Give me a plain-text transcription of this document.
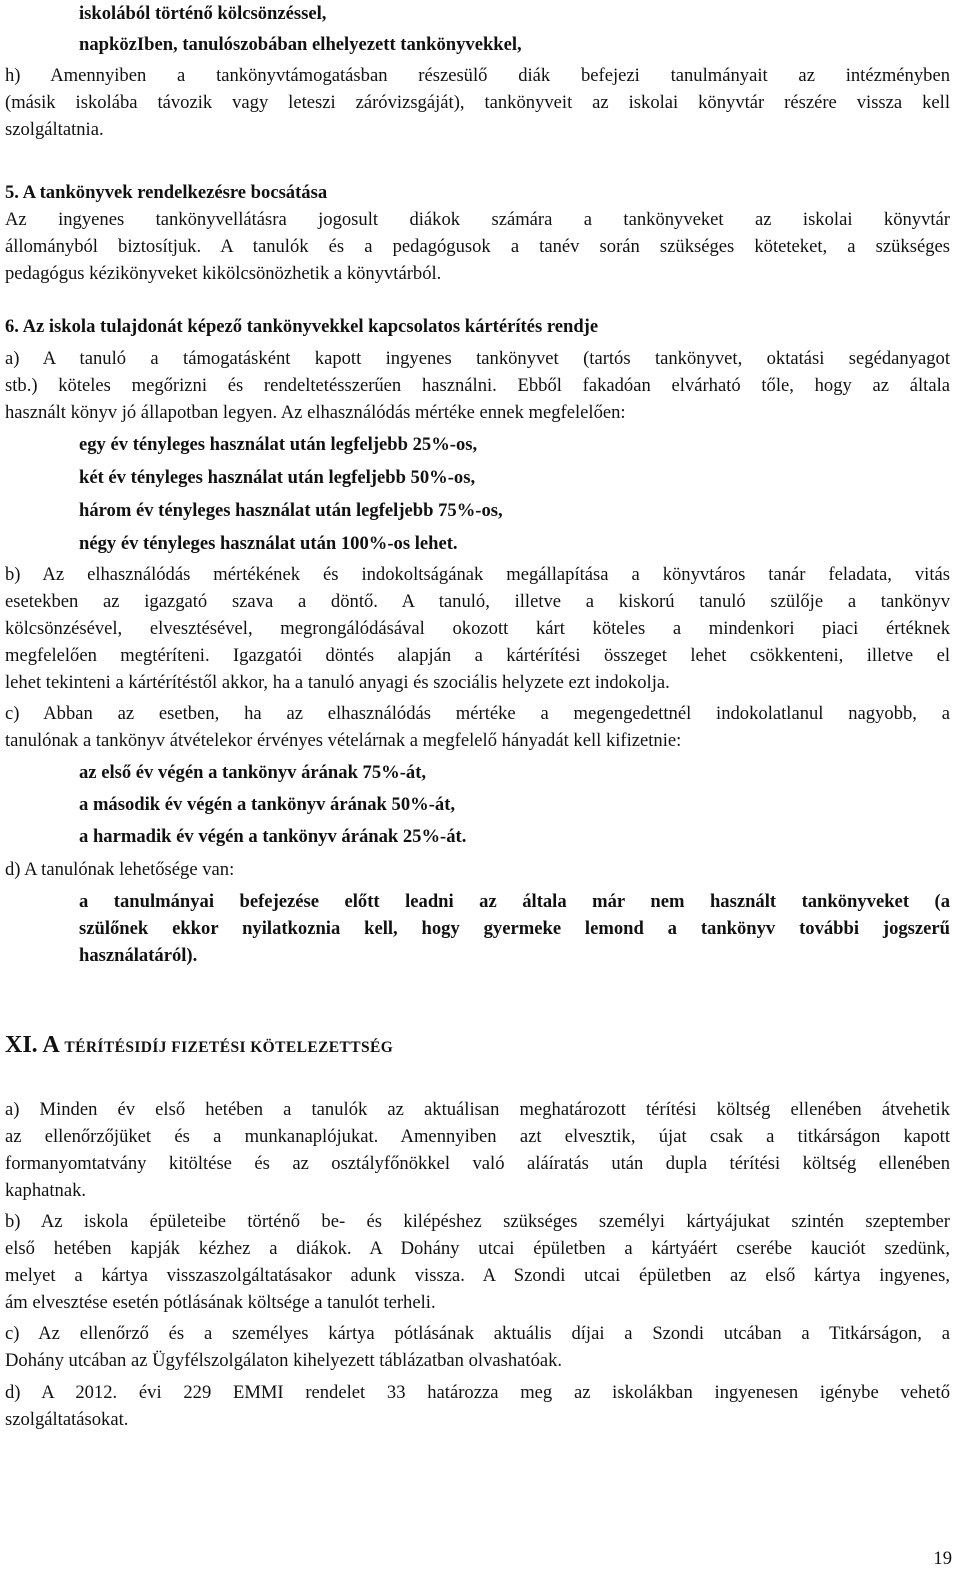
iskolából történő kölcsönzéssel,
napközIben, tanulószobában elhelyezett tankönyvekkel,
h) Amennyiben a tankönyvtámogatásban részesülő diák befejezi tanulmányait az intézményben
(másik iskolába távozik vagy leteszi záróvizsgáját), tankönyveit az iskolai könyvtár részére vissza kell
szolgáltatnia.
5. A tankönyvek rendelkezésre bocsátása
Az ingyenes tankönyvellátásra jogosult diákok számára a tankönyveket az iskolai könyvtár
állományból biztosítjuk. A tanulók és a pedagógusok a tanév során szükséges köteteket, a szükséges
pedagógus kézikönyveket kikölcsönözhetik a könyvtárból.
6. Az iskola tulajdonát képező tankönyvekkel kapcsolatos kártérítés rendje
a) A tanuló a támogatásként kapott ingyenes tankönyvet (tartós tankönyvet, oktatási segédanyagot
stb.) köteles megőrizni és rendeltetésszerűen használni. Ebből fakadóan elvárható tőle, hogy az általa
használt könyv jó állapotban legyen. Az elhasználódás mértéke ennek megfelelően:
egy év tényleges használat után legfeljebb 25%-os,
két év tényleges használat után legfeljebb 50%-os,
három év tényleges használat után legfeljebb 75%-os,
négy év tényleges használat után 100%-os lehet.
b) Az elhasználódás mértékének és indokoltságának megállapítása a könyvtáros tanár feladata, vitás
esetekben az igazgató szava a döntő. A tanuló, illetve a kiskorú tanuló szülője a tankönyv
kölcsönzésével, elvesztésével, megrongálódásával okozott kárt köteles a mindenkori piaci értéknek
megfelelően megtéríteni. Igazgatói döntés alapján a kártérítési összeget lehet csökkenteni, illetve el
lehet tekinteni a kártérítéstől akkor, ha a tanuló anyagi és szociális helyzete ezt indokolja.
c) Abban az esetben, ha az elhasználódás mértéke a megengedettnél indokolatlanul nagyobb, a
tanulónak a tankönyv átvételekor érvényes vételárnak a megfelelő hányadát kell kifizetnie:
az első év végén a tankönyv árának 75%-át,
a második év végén a tankönyv árának 50%-át,
a harmadik év végén a tankönyv árának 25%-át.
d) A tanulónak lehetősége van:
a tanulmányai befejezése előtt leadni az általa már nem használt tankönyveket (a
szülőnek ekkor nyilatkoznia kell, hogy gyermeke lemond a tankönyv további jogszerű
használatáról).
a) Minden év első hetében a tanulók az aktuálisan meghatározott térítési költség ellenében átvehetik
az ellenőrzőjüket és a munkanaplójukat. Amennyiben azt elvesztik, újat csak a titkárságon kapott
formanyomtatvány kitöltése és az osztályfőnökkel való aláíratás után dupla térítési költség ellenében
kaphatnak.
b) Az iskola épületeibe történő be- és kilépéshez szükséges személyi kártyájukat szintén szeptember
első hetében kapják kézhez a diákok. A Dohány utcai épületben a kártyáért cserébe kauciót szedünk,
melyet a kártya visszaszolgáltatásakor adunk vissza. A Szondi utcai épületben az első kártya ingyenes,
ám elvesztése esetén pótlásának költsége a tanulót terheli.
c) Az ellenőrző és a személyes kártya pótlásának aktuális díjai a Szondi utcában a Titkárságon, a
Dohány utcában az Ügyfélszolgálaton kihelyezett táblázatban olvashatóak.
d) A 2012. évi 229 EMMI rendelet 33 határozza meg az iskolákban ingyenesen igénybe vehető
szolgáltatásokat.
XI. A TÉRÍTÉSIDÍJ FIZETÉSI KÖTELEZETTSÉG
19
